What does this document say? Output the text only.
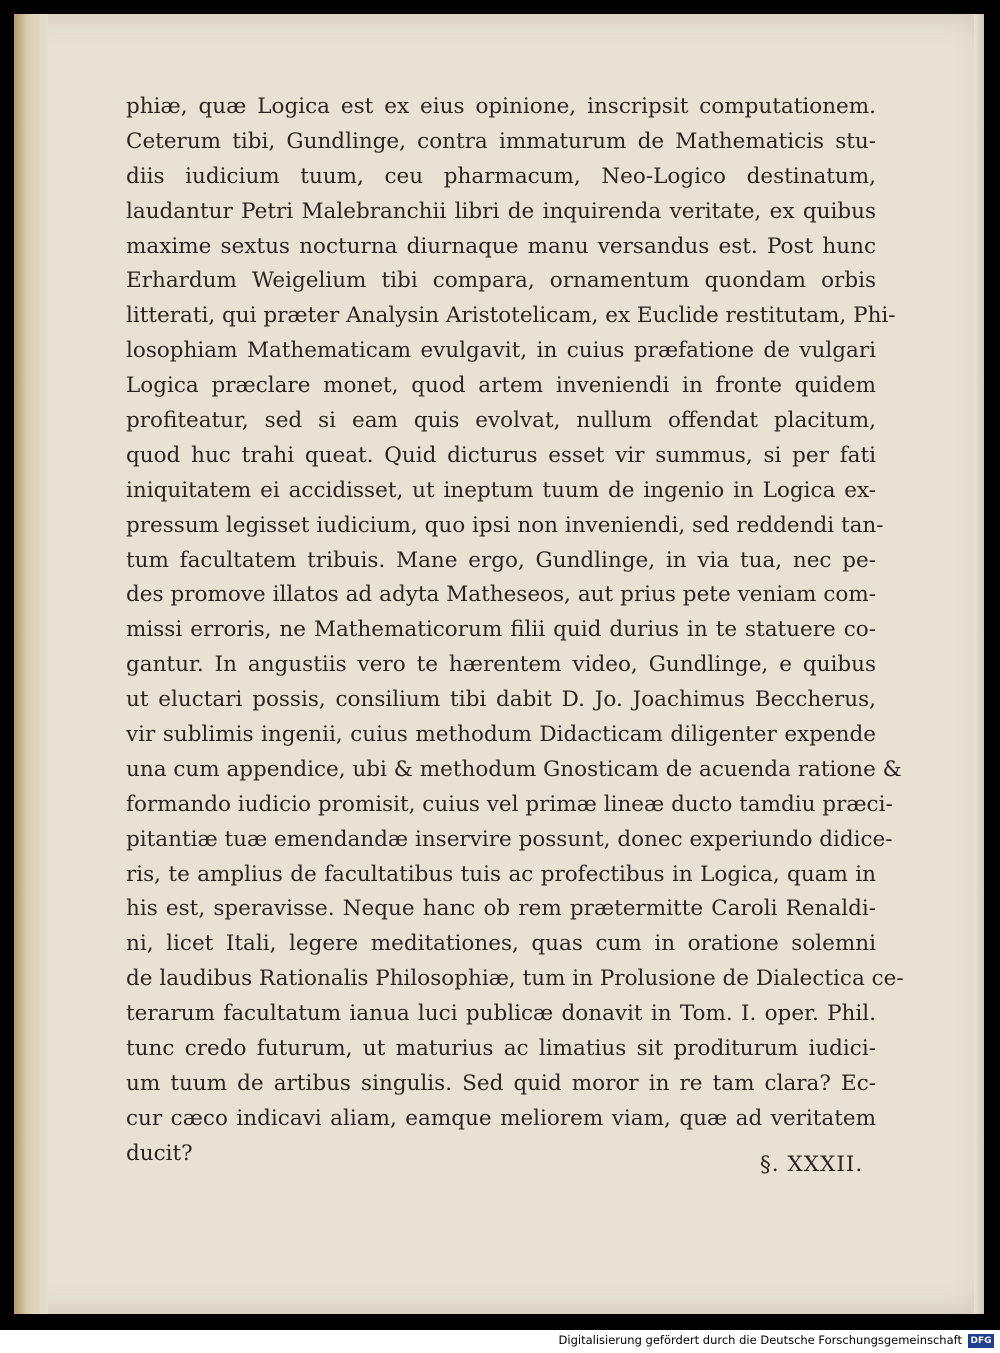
phiæ, quæ Logica est ex eius opinione, inscripsit computationem.
Ceterum tibi, Gundlinge, contra immaturum de Mathematicis stu-
diis iudicium tuum, ceu pharmacum, Neo-Logico destinatum,
laudantur Petri Malebranchii libri de inquirenda veritate, ex quibus
maxime sextus nocturna diurnaque manu versandus est. Post hunc
Erhardum Weigelium tibi compara, ornamentum quondam orbis
litterati, qui præter Analysin Aristotelicam, ex Euclide restitutam, Phi-
losophiam Mathematicam evulgavit, in cuius præfatione de vulgari
Logica præclare monet, quod artem inveniendi in fronte quidem
profiteatur, sed si eam quis evolvat, nullum offendat placitum,
quod huc trahi queat. Quid dicturus esset vir summus, si per fati
iniquitatem ei accidisset, ut ineptum tuum de ingenio in Logica ex-
pressum legisset iudicium, quo ipsi non inveniendi, sed reddendi tan-
tum facultatem tribuis. Mane ergo, Gundlinge, in via tua, nec pe-
des promove illatos ad adyta Matheseos, aut prius pete veniam com-
missi erroris, ne Mathematicorum filii quid durius in te statuere co-
gantur. In angustiis vero te hærentem video, Gundlinge, e quibus
ut eluctari possis, consilium tibi dabit D. Jo. Joachimus Beccherus,
vir sublimis ingenii, cuius methodum Didacticam diligenter expende
una cum appendice, ubi & methodum Gnosticam de acuenda ratione &
formando iudicio promisit, cuius vel primæ lineæ ducto tamdiu præci-
pitantiæ tuæ emendandæ inservire possunt, donec experiundo didice-
ris, te amplius de facultatibus tuis ac profectibus in Logica, quam in
his est, speravisse. Neque hanc ob rem prætermitte Caroli Renaldi-
ni, licet Itali, legere meditationes, quas cum in oratione solemni
de laudibus Rationalis Philosophiæ, tum in Prolusione de Dialectica ce-
terarum facultatum ianua luci publicæ donavit in Tom. I. oper. Phil.
tunc credo futurum, ut maturius ac limatius sit proditurum iudici-
um tuum de artibus singulis. Sed quid moror in re tam clara? Ec-
cur cæco indicavi aliam, eamque meliorem viam, quæ ad veritatem
ducit?	§. XXXII.
Digitalisierung gefördert durch die Deutsche Forschungsgemeinschaft DFG
